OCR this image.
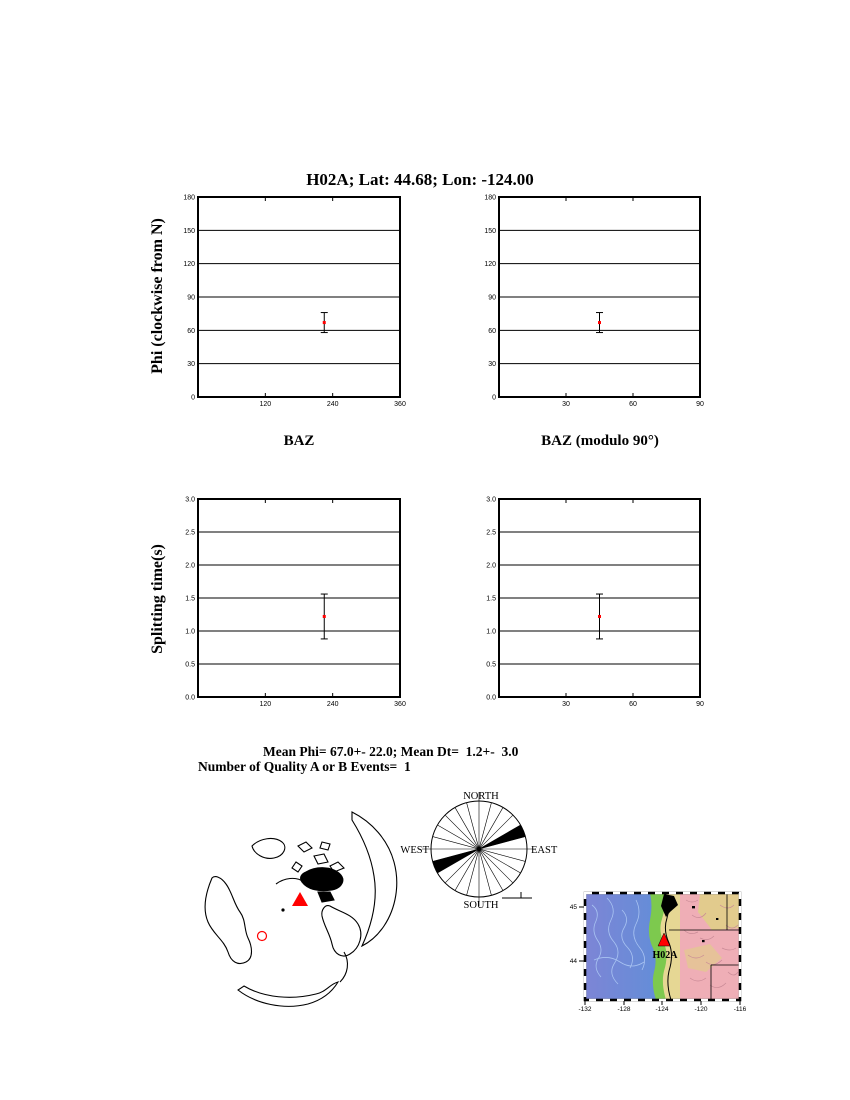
H02A; Lat: 44.68; Lon: -124.00
Phi (clockwise from N)
Splitting time(s)
BAZ	BAZ (modulo 90°)
Mean Phi= 67.0+- 22.0; Mean Dt=  1.2+-  3.0
Number of Quality A or B Events=  1
0
30
60
90
120
150
180
120	240	360
0
30
60
90
120
150
180
30	60	90
0.0
0.5
1.0
1.5
2.0
2.5
3.0
120	240	360
0.0
0.5
1.0
1.5
2.0
2.5
3.0
30	60	90
NORTH
SOUTH
EAST
WEST
H02A
-132	-128	-124	-120	-116
45
44
